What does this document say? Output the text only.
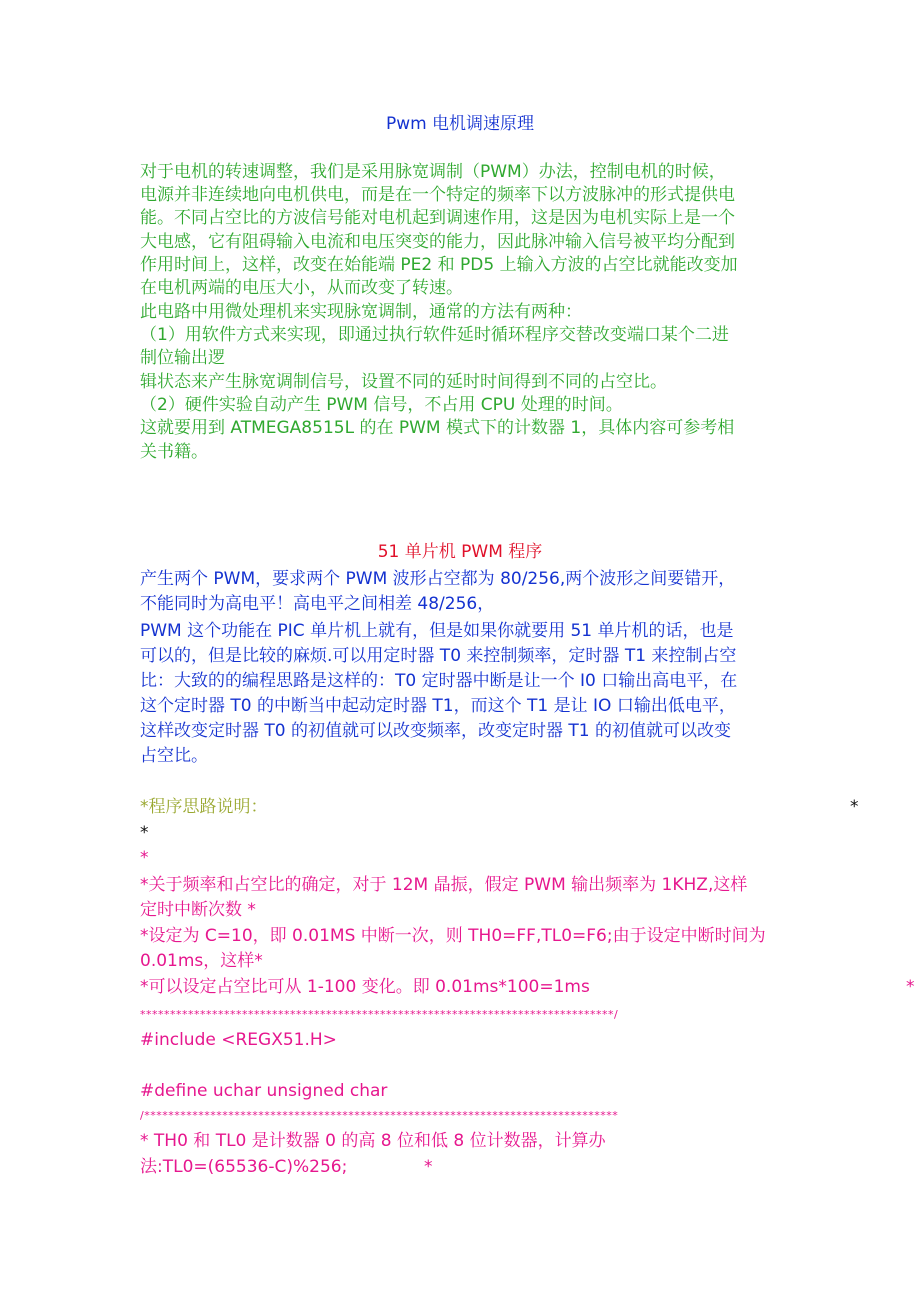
Pwm 电机调速原理
对于电机的转速调整，我们是采用脉宽调制（PWM）办法，控制电机的时候，
电源并非连续地向电机供电，而是在一个特定的频率下以方波脉冲的形式提供电
能。不同占空比的方波信号能对电机起到调速作用，这是因为电机实际上是一个
大电感，它有阻碍输入电流和电压突变的能力，因此脉冲输入信号被平均分配到
作用时间上，这样，改变在始能端 PE2 和 PD5 上输入方波的占空比就能改变加
在电机两端的电压大小，从而改变了转速。
此电路中用微处理机来实现脉宽调制，通常的方法有两种：
（1）用软件方式来实现，即通过执行软件延时循环程序交替改变端口某个二进
制位输出逻
辑状态来产生脉宽调制信号，设置不同的延时时间得到不同的占空比。
（2）硬件实验自动产生 PWM 信号，不占用 CPU 处理的时间。
这就要用到 ATMEGA8515L 的在 PWM 模式下的计数器 1，具体内容可参考相
关书籍。
51 单片机 PWM 程序
产生两个 PWM，要求两个 PWM 波形占空都为 80/256,两个波形之间要错开，
不能同时为高电平！高电平之间相差 48/256，
PWM 这个功能在 PIC 单片机上就有，但是如果你就要用 51 单片机的话，也是
可以的，但是比较的麻烦.可以用定时器 T0 来控制频率，定时器 T1 来控制占空
比：大致的的编程思路是这样的：T0 定时器中断是让一个 I0 口输出高电平，在
这个定时器 T0 的中断当中起动定时器 T1，而这个 T1 是让 IO 口输出低电平，
这样改变定时器 T0 的初值就可以改变频率，改变定时器 T1 的初值就可以改变
占空比。
*程序思路说明：	*
*
*
*关于频率和占空比的确定，对于 12M 晶振，假定 PWM 输出频率为 1KHZ,这样
定时中断次数 *
*设定为 C=10，即 0.01MS 中断一次，则 TH0=FF,TL0=F6;由于设定中断时间为
0.01ms，这样*
*可以设定占空比可从 1-100 变化。即 0.01ms*100=1ms	*
*******************************************************************************/
#include <REGX51.H>
#define uchar unsigned char
/*******************************************************************************
* TH0 和 TL0 是计数器 0 的高 8 位和低 8 位计数器，计算办
法:TL0=(65536-C)%256;	*
